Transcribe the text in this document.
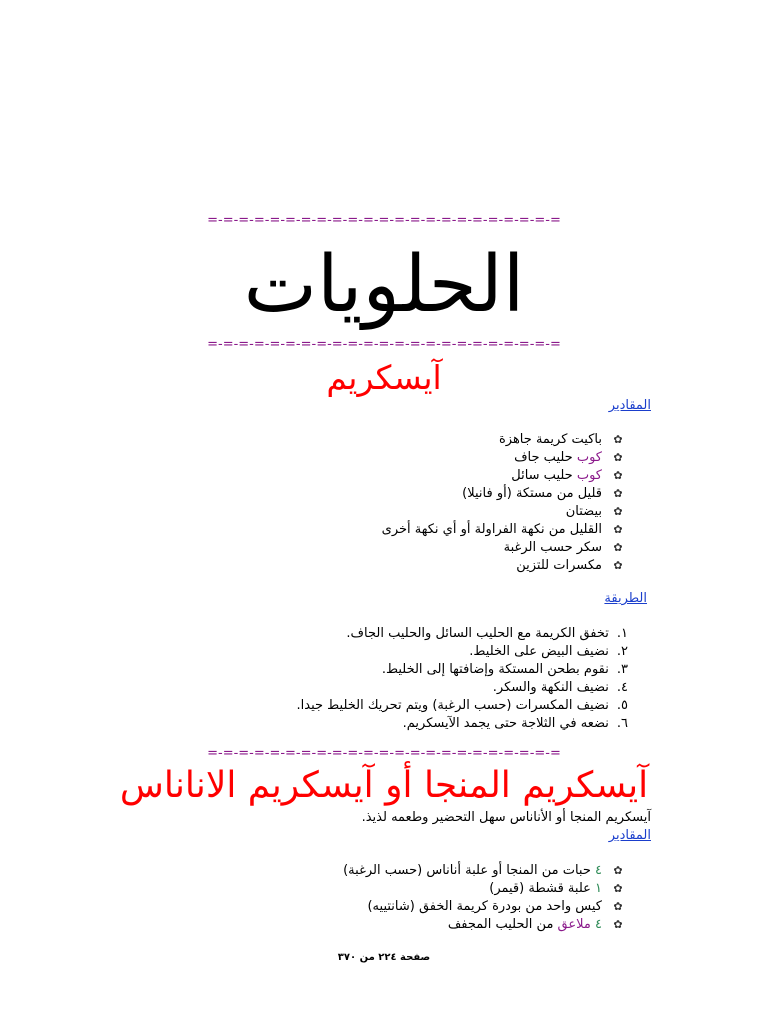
=-=-=-=-=-=-=-=-=-=-=-=-=-=-=-=-=-=-=-=-=-=-=
الحلويات
=-=-=-=-=-=-=-=-=-=-=-=-=-=-=-=-=-=-=-=-=-=-=
آيسكريم
المقادير
✿باكيت كريمة جاهزة
✿كوب حليب جاف
✿كوب حليب سائل
✿قليل من مستكة (أو فانيلا)
✿بيضتان
✿القليل من نكهة الفراولة أو أي نكهة أخرى
✿سكر حسب الرغبة
✿مكسرات للتزين
الطريقة
١.تخفق الكريمة مع الحليب السائل والحليب الجاف.
٢.نضيف البيض على الخليط.
٣.نقوم بطحن المستكة وإضافتها إلى الخليط.
٤.نضيف النكهة والسكر.
٥.نضيف المكسرات (حسب الرغبة) ويتم تحريك الخليط جيدا.
٦.نضعه في الثلاجة حتى يجمد الآيسكريم.
=-=-=-=-=-=-=-=-=-=-=-=-=-=-=-=-=-=-=-=-=-=-=
آيسكريم المنجا أو آيسكريم الاناناس
آيسكريم المنجا أو الأناناس سهل التحضير وطعمه لذيذ.
المقادير
✿٤ حبات من المنجا أو علبة أناناس (حسب الرغبة)
✿١ علبة قشطة (قيمر)
✿كيس واحد من بودرة كريمة الخفق (شانتييه)
✿٤ ملاعق من الحليب المجفف
صفحة ٢٢٤ من ٣٧٠
